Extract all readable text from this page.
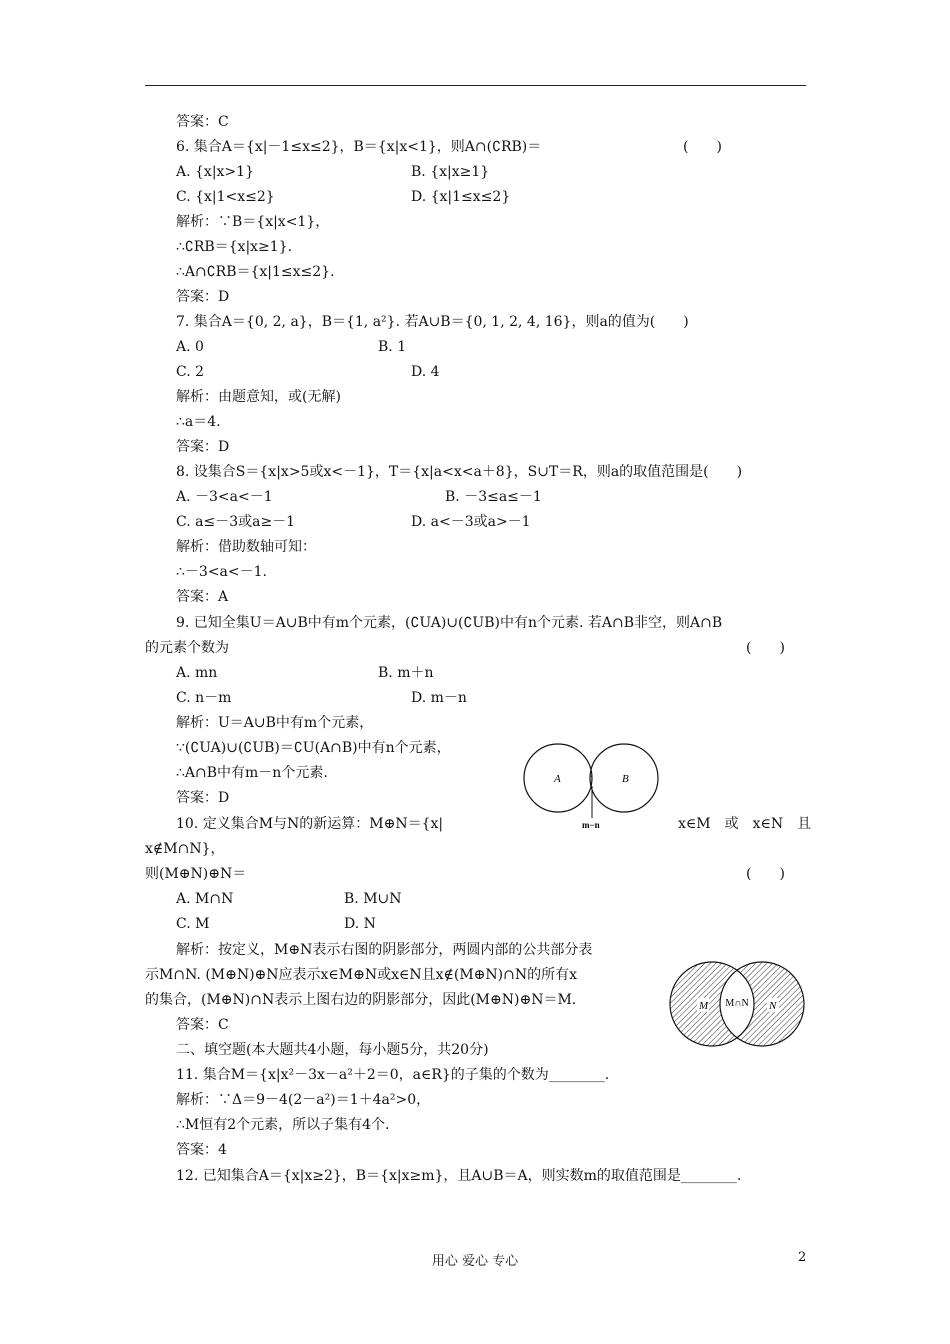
答案：C
6. 集合A＝{x|－1≤x≤2}，B＝{x|x<1}，则A∩(∁RB)＝	(　　)
A. {x|x>1}	B. {x|x≥1}
C. {x|1<x≤2}	D. {x|1≤x≤2}
解析：∵B＝{x|x<1}，
∴∁RB＝{x|x≥1}.
∴A∩∁RB＝{x|1≤x≤2}.
答案：D
7. 集合A＝{0, 2, a}，B＝{1, a²}. 若A∪B＝{0, 1, 2, 4, 16}，则a的值为(　　)
A. 0	B. 1
C. 2	D. 4
解析：由题意知，或(无解)
∴a＝4.
答案：D
8. 设集合S＝{x|x>5或x<－1}，T＝{x|a<x<a＋8}，S∪T＝R，则a的取值范围是(　　)
A. －3<a<－1	B. －3≤a≤－1
C. a≤－3或a≥－1	D. a<－3或a>－1
解析：借助数轴可知：
∴－3<a<－1.
答案：A
9. 已知全集U＝A∪B中有m个元素，(∁UA)∪(∁UB)中有n个元素. 若A∩B非空，则A∩B
的元素个数为	(　　)
A. mn	B. m＋n
C. n－m	D. m－n
解析：U＝A∪B中有m个元素，
∵(∁UA)∪(∁UB)＝∁U(A∩B)中有n个元素，
∴A∩B中有m－n个元素.
答案：D
10. 定义集合M与N的新运算：M⊕N＝{x|	x∈M　或　x∈N　且
x∉M∩N}，
则(M⊕N)⊕N＝	(　　)
A. M∩N	B. M∪N
C. M	D. N
解析：按定义，M⊕N表示右图的阴影部分，两圆内部的公共部分表
示M∩N. (M⊕N)⊕N应表示x∈M⊕N或x∈N且x∉(M⊕N)∩N的所有x
的集合，(M⊕N)∩N表示上图右边的阴影部分，因此(M⊕N)⊕N＝M.
答案：C
二、填空题(本大题共4小题，每小题5分，共20分)
11. 集合M＝{x|x²－3x－a²＋2＝0，a∈R}的子集的个数为________.
解析：∵Δ＝9－4(2－a²)＝1＋4a²>0，
∴M恒有2个元素，所以子集有4个.
答案：4
12. 已知集合A＝{x|x≥2}，B＝{x|x≥m}，且A∪B＝A，则实数m的取值范围是________.
A	B
m−n
M M∩N N
用心 爱心 专心	2
